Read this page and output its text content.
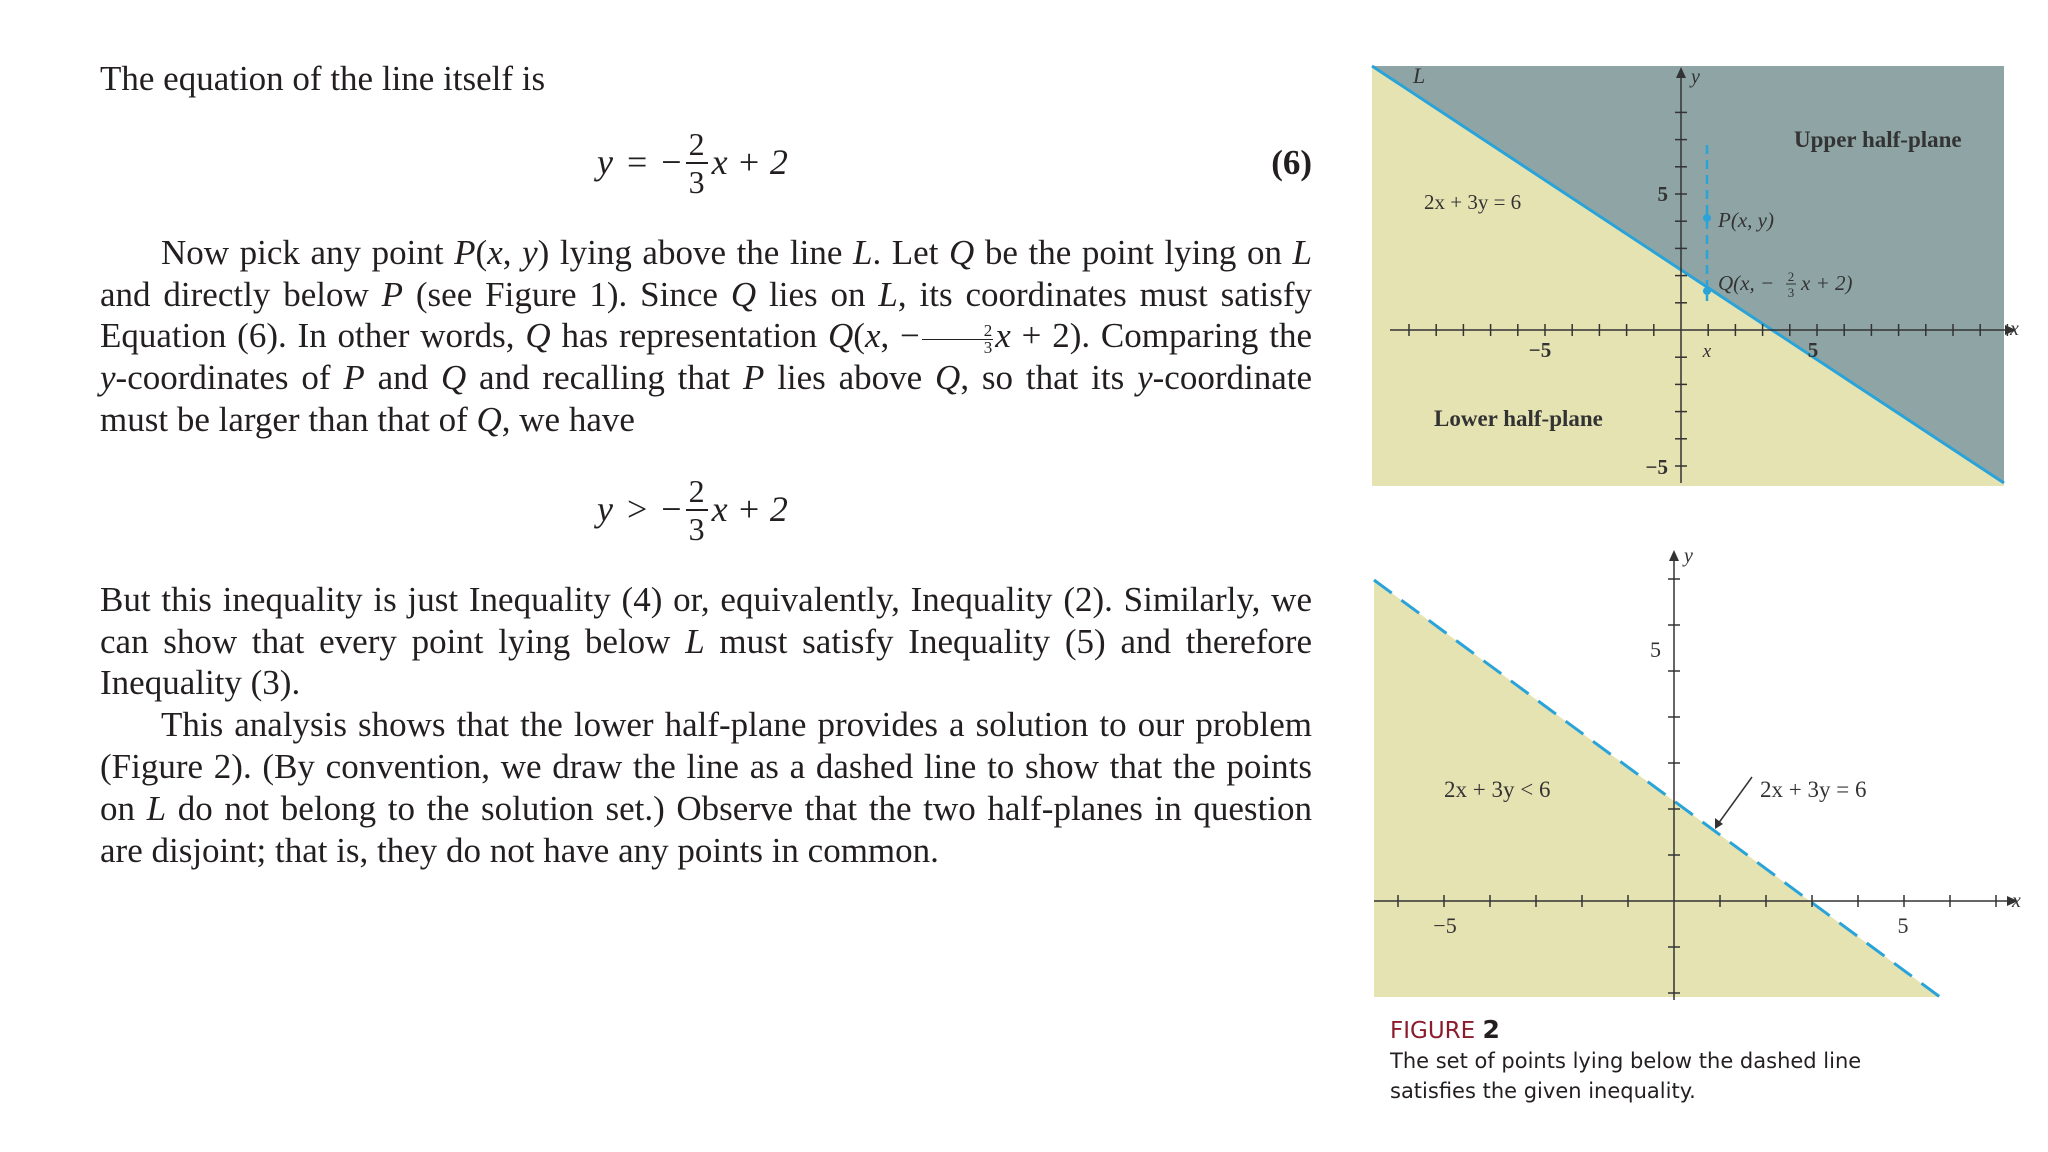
The equation of the line itself is

y = − $\frac{2}{3}$ x + 2	(6)

Now pick any point P(x, y) lying above the line L. Let Q be the point lying on L and directly below P (see Figure 1). Since Q lies on L, its coordinates must satisfy Equation (6). In other words, Q has representation Q(x, − $\frac{2}{3}$ x + 2). Comparing the y-coordinates of P and Q and recalling that P lies above Q, so that its y-coordinate must be larger than that of Q, we have

y > − $\frac{2}{3}$ x + 2

But this inequality is just Inequality (4) or, equivalently, Inequality (2). Similarly, we can show that every point lying below L must satisfy Inequality (5) and therefore Inequality (3).

This analysis shows that the lower half-plane provides a solution to our problem (Figure 2). (By convention, we draw the line as a dashed line to show that the points on L do not belong to the solution set.) Observe that the two half-planes in question are disjoint; that is, they do not have any points in common.

L	y
x
2x + 3y = 6
Upper half-plane
Lower half-plane
P(x, y)
Q(x, − 2
3 x + 2)
x
−5	5
5
−5
y
x
2x + 3y < 6	2x + 3y = 6
−5	5
5
FIGURE 2
The set of points lying below the dashed line satisfies the given inequality.
